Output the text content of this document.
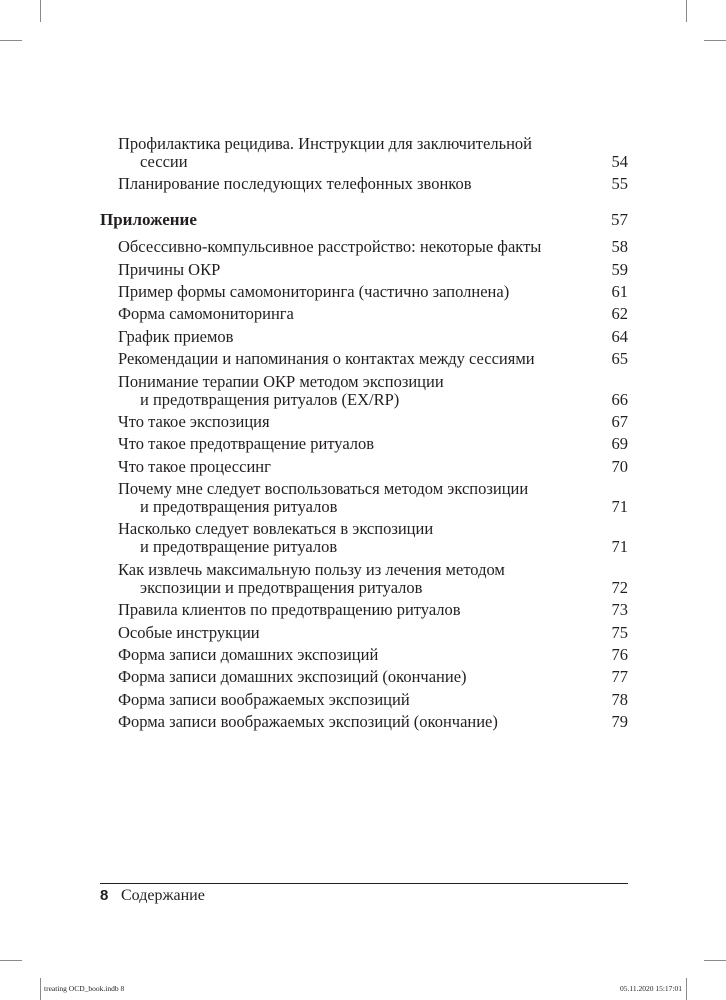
Профилактика рецидива. Инструкции для заключительной
сессии	54
Планирование последующих телефонных звонков	55
Приложение	57
Обсессивно-компульсивное расстройство: некоторые факты	58
Причины ОКР	59
Пример формы самомониторинга (частично заполнена)	61
Форма самомониторинга	62
График приемов	64
Рекомендации и напоминания о контактах между сессиями	65
Понимание терапии ОКР методом экспозиции
и предотвращения ритуалов (EX/RP)	66
Что такое экспозиция	67
Что такое предотвращение ритуалов	69
Что такое процессинг	70
Почему мне следует воспользоваться методом экспозиции
и предотвращения ритуалов	71
Насколько следует вовлекаться в экспозиции
и предотвращение ритуалов	71
Как извлечь максимальную пользу из лечения методом
экспозиции и предотвращения ритуалов	72
Правила клиентов по предотвращению ритуалов	73
Особые инструкции	75
Форма записи домашних экспозиций	76
Форма записи домашних экспозиций (окончание)	77
Форма записи воображаемых экспозиций	78
Форма записи воображаемых экспозиций (окончание)	79
8 Содержание
treating OCD_book.indb 8	05.11.2020 15:17:01
